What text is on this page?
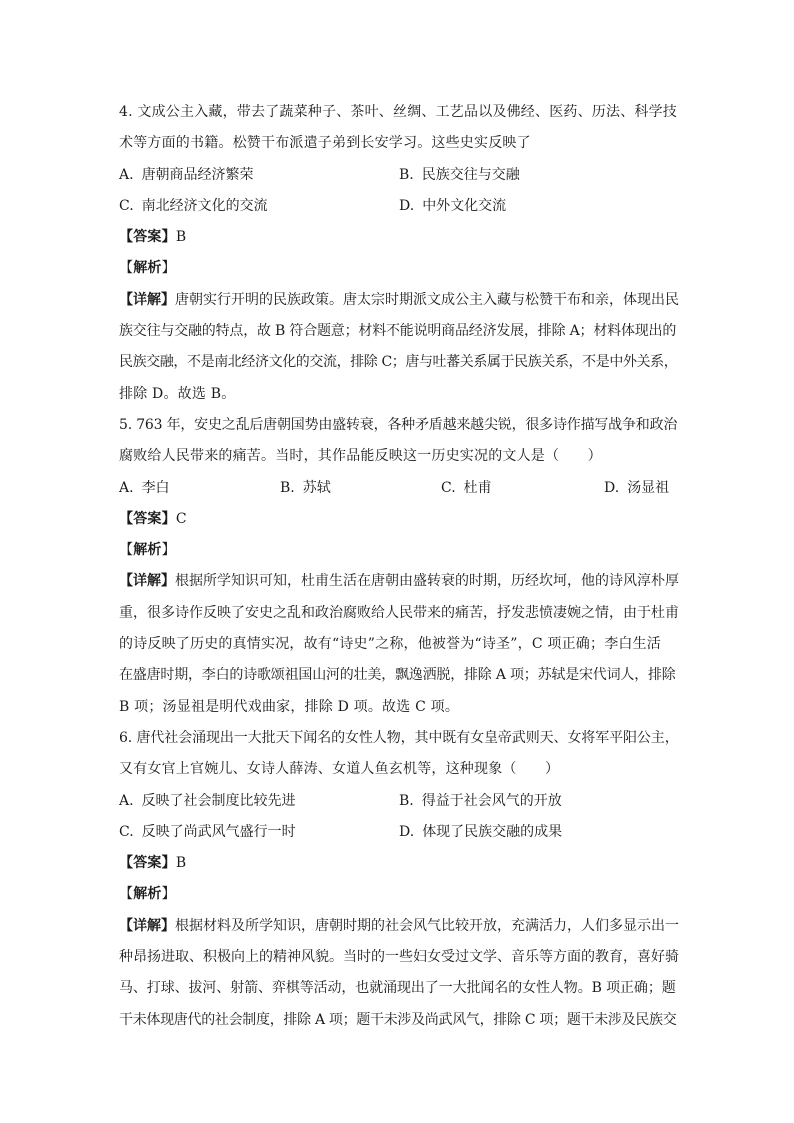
4. 文成公主入藏，带去了蔬菜种子、茶叶、丝绸、工艺品以及佛经、医药、历法、科学技
术等方面的书籍。松赞干布派遣子弟到长安学习。这些史实反映了
A. 唐朝商品经济繁荣	B. 民族交往与交融
C. 南北经济文化的交流	D. 中外文化交流
【答案】B
【解析】
【详解】唐朝实行开明的民族政策。唐太宗时期派文成公主入藏与松赞干布和亲，体现出民
族交往与交融的特点，故 B 符合题意；材料不能说明商品经济发展，排除 A；材料体现出的
民族交融，不是南北经济文化的交流，排除 C；唐与吐蕃关系属于民族关系，不是中外关系，
排除 D。故选 B。
5. 763 年，安史之乱后唐朝国势由盛转衰，各种矛盾越来越尖锐，很多诗作描写战争和政治
腐败给人民带来的痛苦。当时，其作品能反映这一历史实况的文人是（　　）
A. 李白	B. 苏轼	C. 杜甫	D. 汤显祖
【答案】C
【解析】
【详解】根据所学知识可知，杜甫生活在唐朝由盛转衰的时期，历经坎坷，他的诗风淳朴厚
重，很多诗作反映了安史之乱和政治腐败给人民带来的痛苦，抒发悲愤凄婉之情，由于杜甫
的诗反映了历史的真情实况，故有“诗史”之称，他被誉为“诗圣”，C 项正确；李白生活
在盛唐时期，李白的诗歌颂祖国山河的壮美，飘逸洒脱，排除 A 项；苏轼是宋代词人，排除
B 项；汤显祖是明代戏曲家，排除 D 项。故选 C 项。
6. 唐代社会涌现出一大批天下闻名的女性人物，其中既有女皇帝武则天、女将军平阳公主，
又有女官上官婉儿、女诗人薛涛、女道人鱼玄机等，这种现象（　　）
A. 反映了社会制度比较先进	B. 得益于社会风气的开放
C. 反映了尚武风气盛行一时	D. 体现了民族交融的成果
【答案】B
【解析】
【详解】根据材料及所学知识，唐朝时期的社会风气比较开放，充满活力，人们多显示出一
种昂扬进取、积极向上的精神风貌。当时的一些妇女受过文学、音乐等方面的教育，喜好骑
马、打球、拔河、射箭、弈棋等活动，也就涌现出了一大批闻名的女性人物。B 项正确；题
干未体现唐代的社会制度，排除 A 项；题干未涉及尚武风气，排除 C 项；题干未涉及民族交
